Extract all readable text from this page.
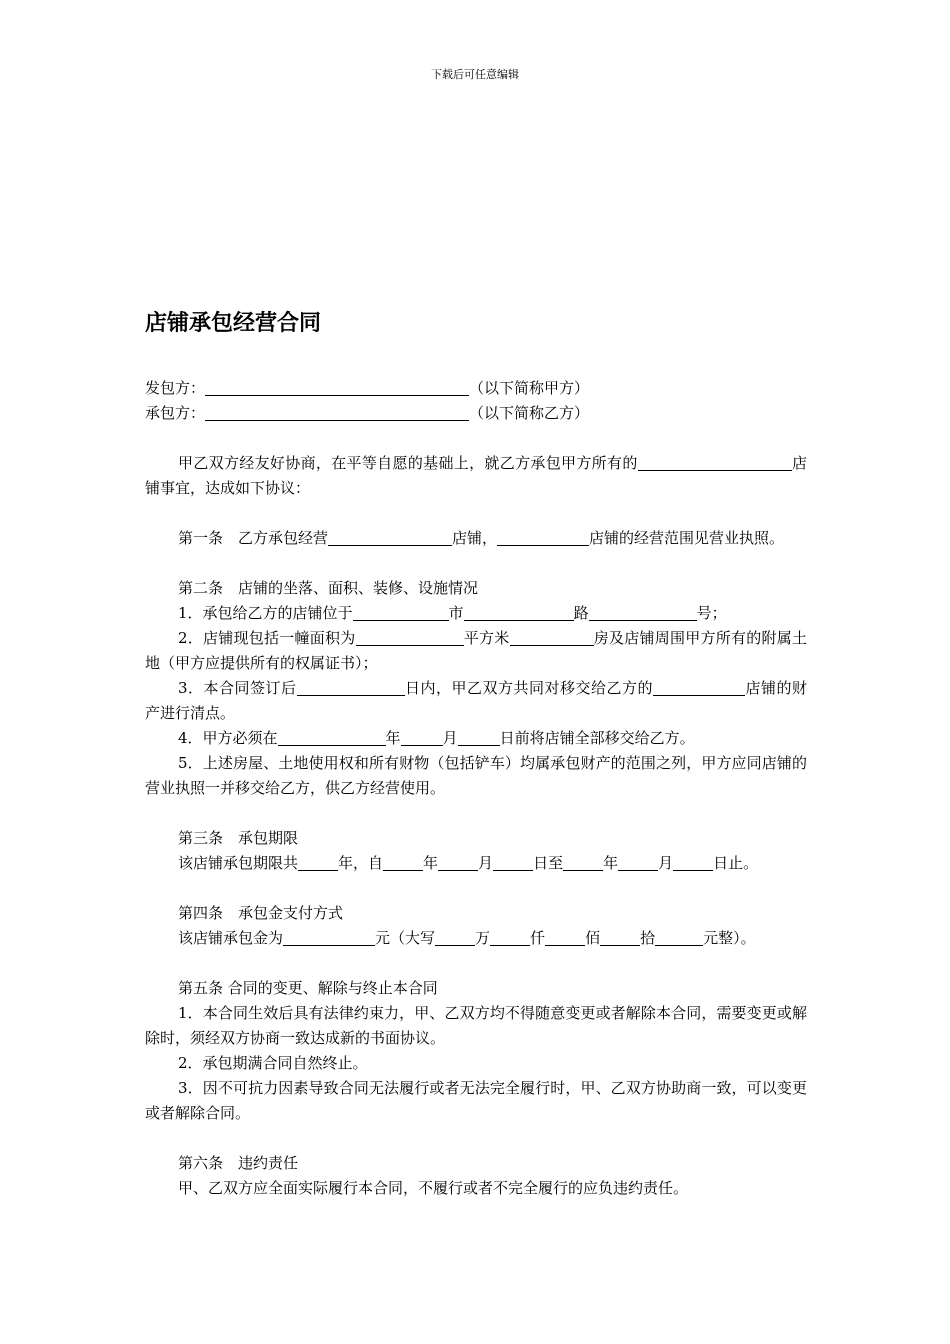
下载后可任意编辑
店铺承包经营合同

发包方：	（以下简称甲方）

承包方：	（以下简称乙方）

甲乙双方经友好协商，在平等自愿的基础上，就乙方承包甲方所有的	店铺事宜，达成如下协议：

第一条　乙方承包经营	店铺，	店铺的经营范围见营业执照。

第二条　店铺的坐落、面积、装修、设施情况

1．承包给乙方的店铺位于	市	路	号；

2．店铺现包括一幢面积为	平方米	房及店铺周围甲方所有的附属土地（甲方应提供所有的权属证书）；

3．本合同签订后	日内，甲乙双方共同对移交给乙方的	店铺的财产进行清点。

4．甲方必须在	年	月	日前将店铺全部移交给乙方。

5．上述房屋、土地使用权和所有财物（包括铲车）均属承包财产的范围之列，甲方应同店铺的营业执照一并移交给乙方，供乙方经营使用。

第三条　承包期限

该店铺承包期限共	年，自	年	月	日至	年	月	日止。

第四条　承包金支付方式

该店铺承包金为	元（大写	万	仟	佰	拾	元整）。

第五条 合同的变更、解除与终止本合同

1．本合同生效后具有法律约束力，甲、乙双方均不得随意变更或者解除本合同，需要变更或解除时，须经双方协商一致达成新的书面协议。

2．承包期满合同自然终止。

3．因不可抗力因素导致合同无法履行或者无法完全履行时，甲、乙双方协助商一致，可以变更或者解除合同。

第六条　违约责任

甲、乙双方应全面实际履行本合同，不履行或者不完全履行的应负违约责任。
